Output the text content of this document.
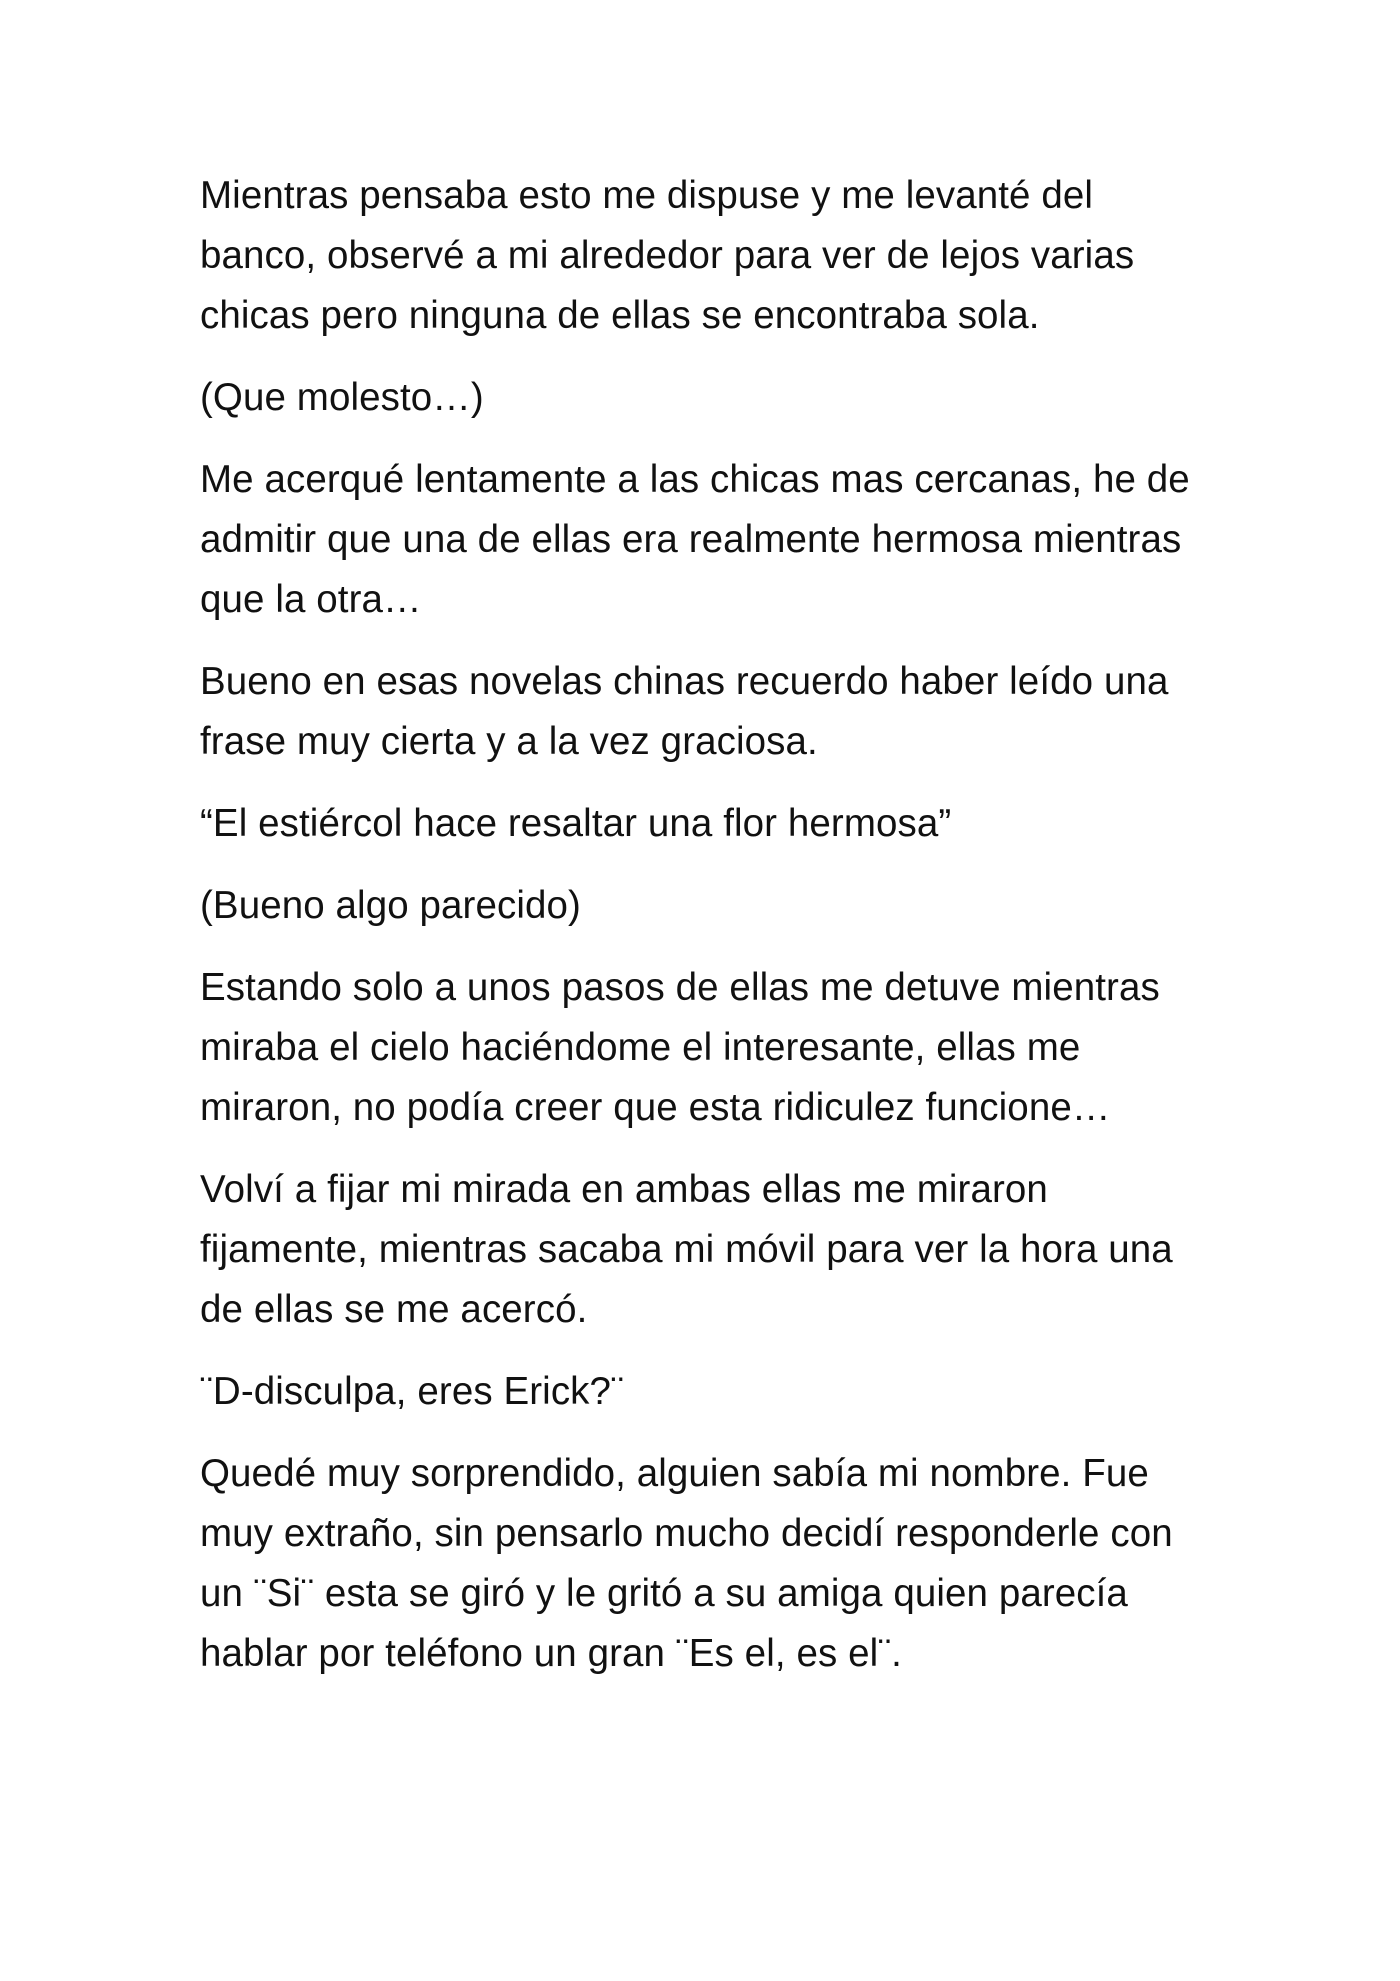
Mientras pensaba esto me dispuse y me levanté del banco, observé a mi alrededor para ver de lejos varias chicas pero ninguna de ellas se encontraba sola.

(Que molesto…)

Me acerqué lentamente a las chicas mas cercanas, he de admitir que una de ellas era realmente hermosa mientras que la otra…

Bueno en esas novelas chinas recuerdo haber leído una frase muy cierta y a la vez graciosa.

“El estiércol hace resaltar una flor hermosa”

(Bueno algo parecido)

Estando solo a unos pasos de ellas me detuve mientras miraba el cielo haciéndome el interesante, ellas me miraron, no podía creer que esta ridiculez funcione…

Volví a fijar mi mirada en ambas ellas me miraron fijamente, mientras sacaba mi móvil para ver la hora una de ellas se me acercó.

¨D-disculpa, eres Erick?¨

Quedé muy sorprendido, alguien sabía mi nombre. Fue muy extraño, sin pensarlo mucho decidí responderle con un ¨Si¨ esta se giró y le gritó a su amiga quien parecía hablar por teléfono un gran ¨Es el, es el¨.
